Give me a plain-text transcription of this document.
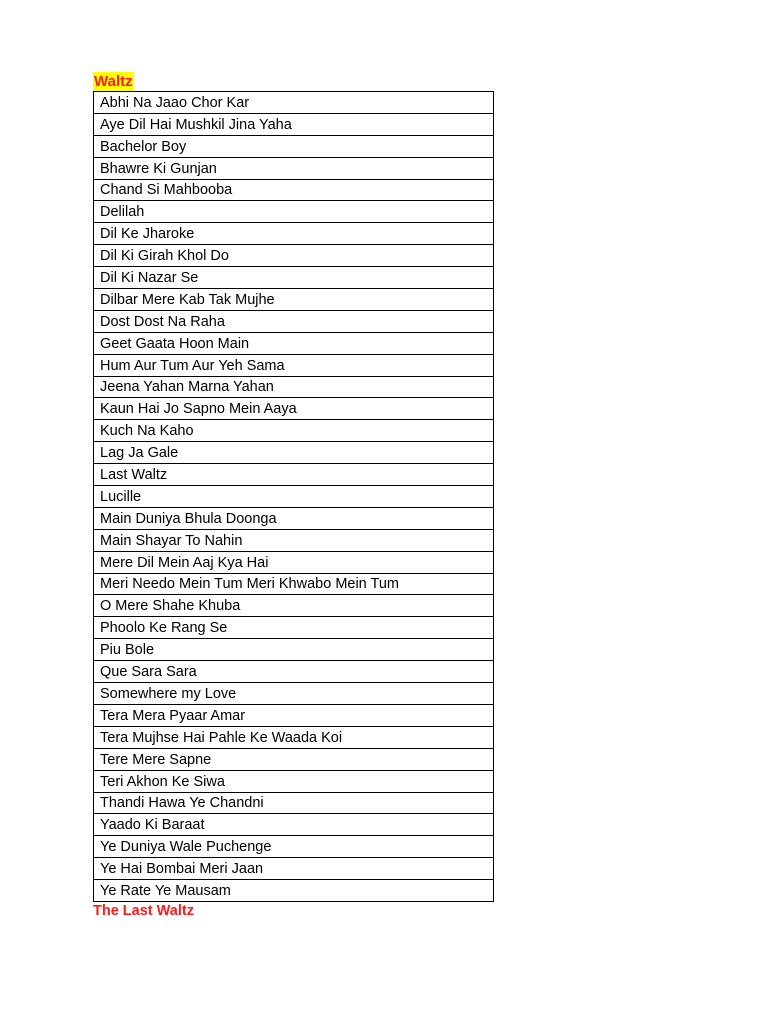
Waltz
Abhi Na Jaao Chor Kar
Aye Dil Hai Mushkil Jina Yaha
Bachelor Boy
Bhawre Ki Gunjan
Chand Si Mahbooba
Delilah
Dil Ke Jharoke
Dil Ki Girah Khol Do
Dil Ki Nazar Se
Dilbar Mere Kab Tak Mujhe
Dost Dost Na Raha
Geet Gaata Hoon Main
Hum Aur Tum Aur Yeh Sama
Jeena Yahan Marna Yahan
Kaun Hai Jo Sapno Mein Aaya
Kuch Na Kaho
Lag Ja Gale
Last Waltz
Lucille
Main Duniya Bhula Doonga
Main Shayar To Nahin
Mere Dil Mein Aaj Kya Hai
Meri Needo Mein Tum Meri Khwabo Mein Tum
O Mere Shahe Khuba
Phoolo Ke Rang Se
Piu Bole
Que Sara Sara
Somewhere my Love
Tera Mera Pyaar Amar
Tera Mujhse Hai Pahle Ke Waada Koi
Tere Mere Sapne
Teri Akhon Ke Siwa
Thandi Hawa Ye Chandni
Yaado Ki Baraat
Ye Duniya Wale Puchenge
Ye Hai Bombai Meri Jaan
Ye Rate Ye Mausam
The Last Waltz
